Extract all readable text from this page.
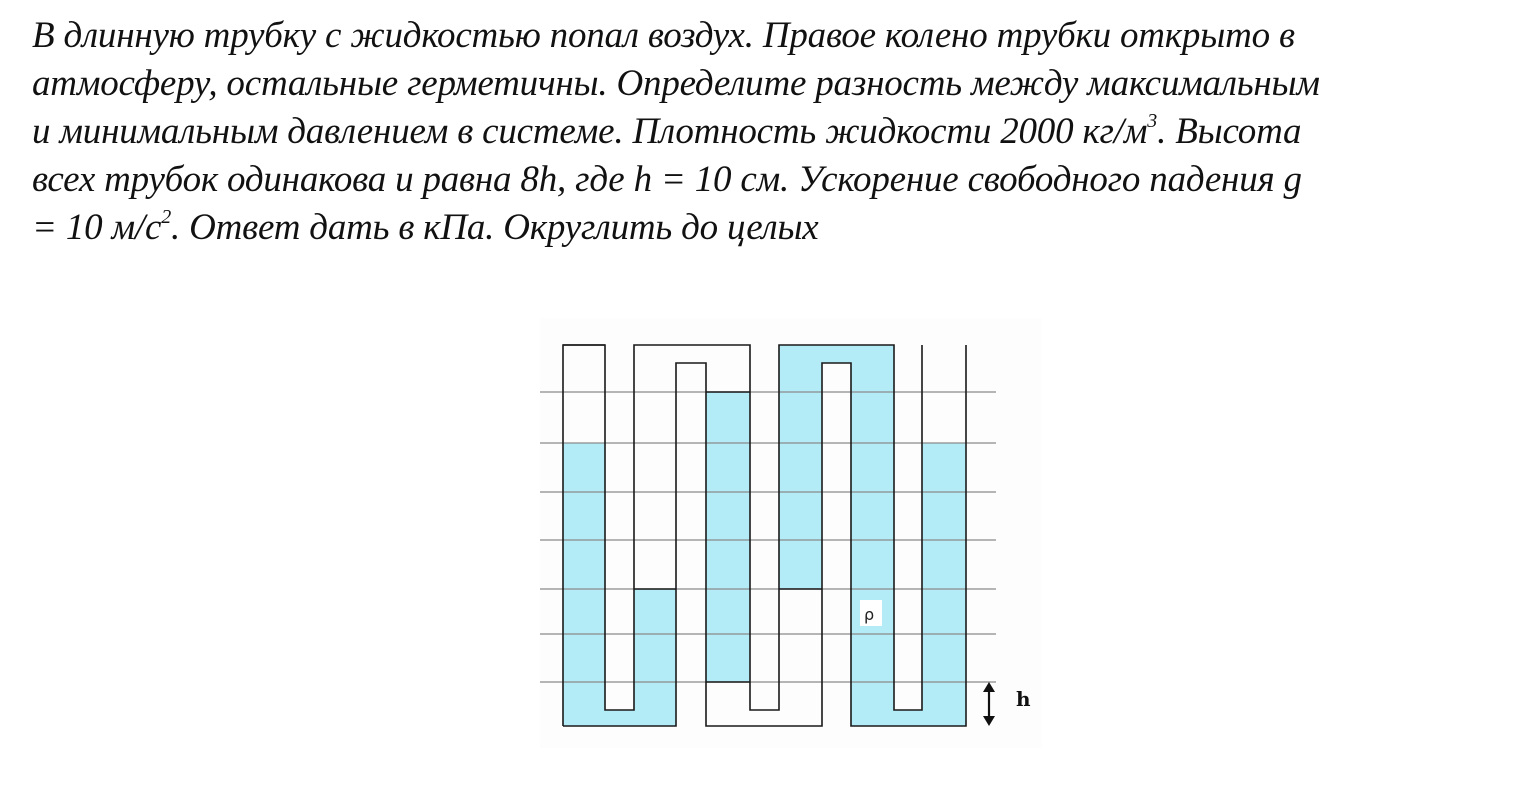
В длинную трубку с жидкостью попал воздух. Правое колено трубки открыто в
атмосферу, остальные герметичны. Определите разность между максимальным
и минимальным давлением в системе. Плотность жидкости 2000 $кг/м^3$. Высота
всех трубок одинакова и равна 8h, где h = 10 см. Ускорение свободного падения g
= 10 $м/с^2$. Ответ дать в кПа. Округлить до целых
ρ
h
